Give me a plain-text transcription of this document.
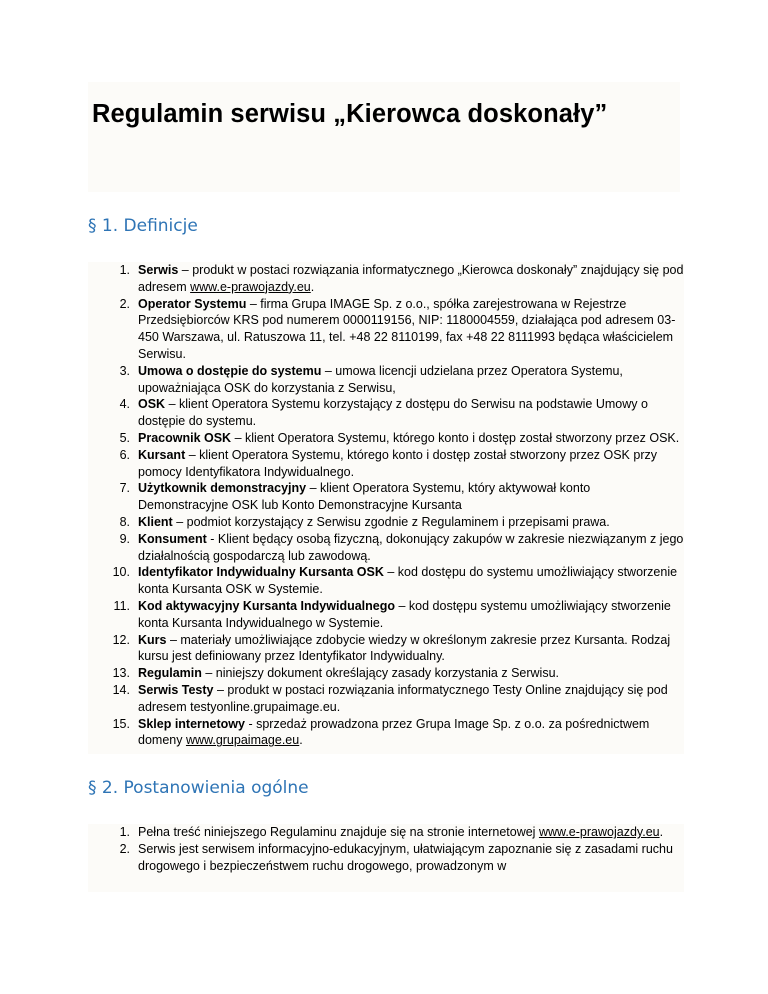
Regulamin serwisu „Kierowca doskonały”
§ 1. Definicje
1. Serwis – produkt w postaci rozwiązania informatycznego „Kierowca doskonały” znajdujący się pod adresem www.e-prawojazdy.eu.
2. Operator Systemu – firma Grupa IMAGE Sp. z o.o., spółka zarejestrowana w Rejestrze Przedsiębiorców KRS pod numerem 0000119156, NIP: 1180004559, działająca pod adresem 03-450 Warszawa, ul. Ratuszowa 11, tel. +48 22 8110199, fax +48 22 8111993 będąca właścicielem Serwisu.
3. Umowa o dostępie do systemu – umowa licencji udzielana przez Operatora Systemu, upoważniająca OSK do korzystania z Serwisu,
4. OSK – klient Operatora Systemu korzystający z dostępu do Serwisu na podstawie Umowy o dostępie do systemu.
5. Pracownik OSK – klient Operatora Systemu, którego konto i dostęp został stworzony przez OSK.
6. Kursant – klient Operatora Systemu, którego konto i dostęp został stworzony przez OSK przy pomocy Identyfikatora Indywidualnego.
7. Użytkownik demonstracyjny – klient Operatora Systemu, który aktywował konto Demonstracyjne OSK lub Konto Demonstracyjne Kursanta
8. Klient – podmiot korzystający z Serwisu zgodnie z Regulaminem i przepisami prawa.
9. Konsument - Klient będący osobą fizyczną, dokonujący zakupów w zakresie niezwiązanym z jego działalnością gospodarczą lub zawodową.
10. Identyfikator Indywidualny Kursanta OSK – kod dostępu do systemu umożliwiający stworzenie konta Kursanta OSK w Systemie.
11. Kod aktywacyjny Kursanta Indywidualnego – kod dostępu systemu umożliwiający stworzenie konta Kursanta Indywidualnego w Systemie.
12. Kurs – materiały umożliwiające zdobycie wiedzy w określonym zakresie przez Kursanta. Rodzaj kursu jest definiowany przez Identyfikator Indywidualny.
13. Regulamin – niniejszy dokument określający zasady korzystania z Serwisu.
14. Serwis Testy – produkt w postaci rozwiązania informatycznego Testy Online znajdujący się pod adresem testyonline.grupaimage.eu.
15. Sklep internetowy - sprzedaż prowadzona przez Grupa Image Sp. z o.o. za pośrednictwem domeny www.grupaimage.eu.
§ 2. Postanowienia ogólne
1. Pełna treść niniejszego Regulaminu znajduje się na stronie internetowej www.e-prawojazdy.eu.
2. Serwis jest serwisem informacyjno-edukacyjnym, ułatwiającym zapoznanie się z zasadami ruchu drogowego i bezpieczeństwem ruchu drogowego, prowadzonym w
